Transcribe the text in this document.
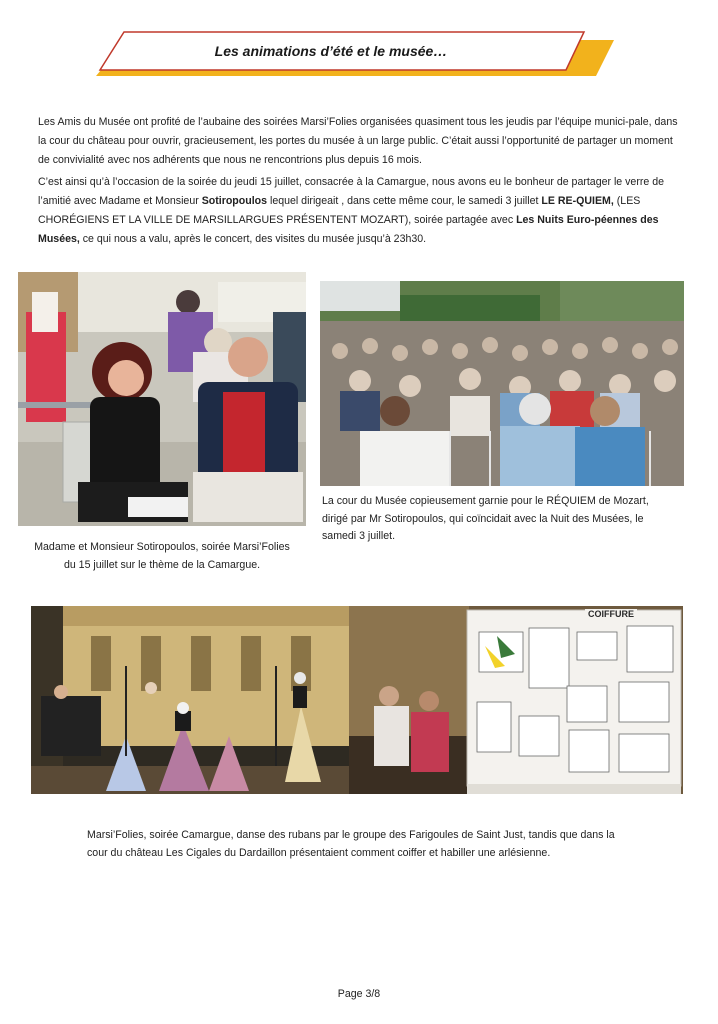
Les animations d’été et le musée…

Les Amis du Musée ont profité de l’aubaine des soirées Marsi’Folies organisées quasiment tous les jeudis par l’équipe munici-pale, dans la cour du château pour ouvrir, gracieusement, les portes du musée à un large public. C’était aussi l’opportunité de partager un moment de convivialité avec nos adhérents que nous ne rencontrions plus depuis 16 mois.

C’est ainsi qu’à l’occasion de la soirée du jeudi 15 juillet, consacrée à la Camargue, nous avons eu le bonheur de partager le verre de l’amitié avec Madame et Monsieur Sotiropoulos lequel dirigeait , dans cette même cour, le samedi 3 juillet LE RE-QUIEM, (LES CHORÉGIENS ET LA VILLE DE MARSILLARGUES PRÉSENTENT MOZART), soirée partagée avec Les Nuits Euro-péennes des Musées, ce qui nous a valu, après le concert, des visites du musée jusqu’à 23h30.

Madame et Monsieur Sotiropoulos, soirée Marsi’Folies
du 15 juillet sur le thème de la Camargue.
La cour du Musée copieusement garnie pour le RÉQUIEM de Mozart,
dirigé par Mr Sotiropoulos, qui coïncidait avec la Nuit des Musées, le
samedi 3 juillet.
COIFFURE
Marsi’Folies, soirée Camargue, danse des rubans par le groupe des Farigoules de Saint Just, tandis que dans la
cour du château Les Cigales du Dardaillon présentaient comment coiffer et habiller une arlésienne.
Page 3/8
